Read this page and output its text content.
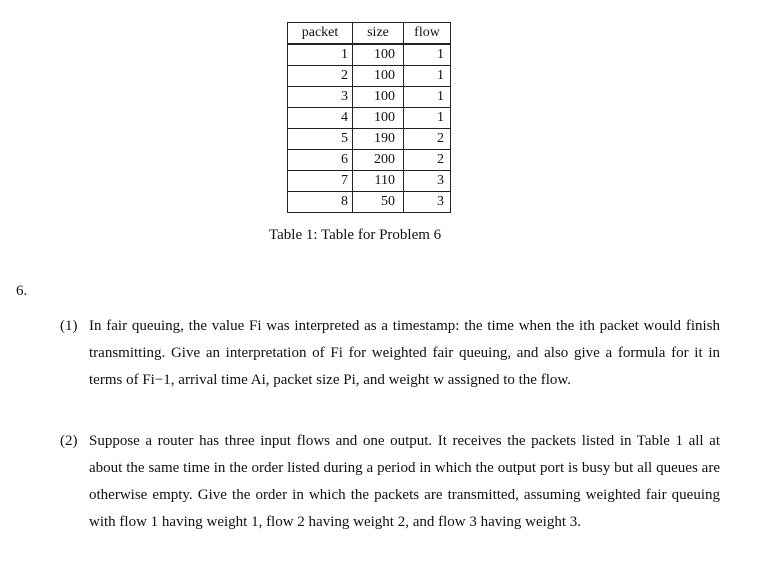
packet	size	flow
1	100	1
2	100	1
3	100	1
4	100	1
5	190	2
6	200	2
7	110	3
8	50	3
Table 1: Table for Problem 6
6.
(1) In fair queuing, the value Fi was interpreted as a timestamp: the time when the ith packet would finish transmitting. Give an interpretation of Fi for weighted fair queuing, and also give a formula for it in terms of Fi−1, arrival time Ai, packet size Pi, and weight w assigned to the flow.
(2) Suppose a router has three input flows and one output. It receives the packets listed in Table 1 all at about the same time in the order listed during a period in which the output port is busy but all queues are otherwise empty. Give the order in which the packets are transmitted, assuming weighted fair queuing with flow 1 having weight 1, flow 2 having weight 2, and flow 3 having weight 3.
